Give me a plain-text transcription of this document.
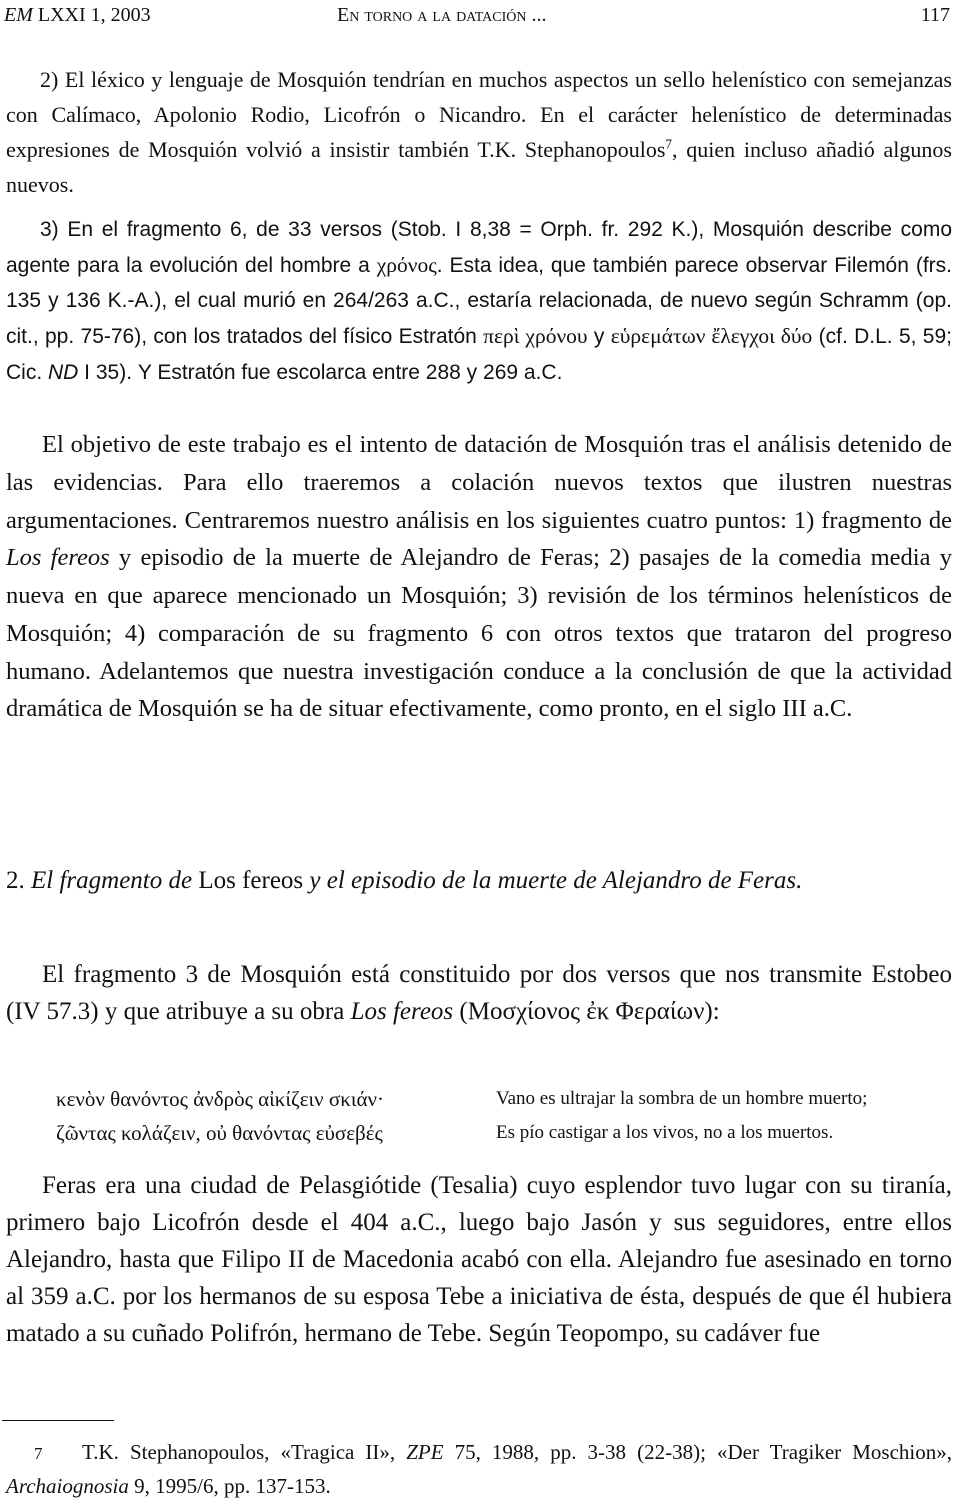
EM LXXI 1, 2003	En torno a la datación ...	117
2) El léxico y lenguaje de Mosquión tendrían en muchos aspectos un sello helenístico con semejanzas con Calímaco, Apolonio Rodio, Licofrón o Nicandro. En el carácter helenístico de determinadas expresiones de Mosquión volvió a insistir también T.K. Stephanopoulos$^7$, quien incluso añadió algunos nuevos.
3) En el fragmento 6, de 33 versos (Stob. I 8,38 = Orph. fr. 292 K.), Mosquión describe como agente para la evolución del hombre a χρόνος. Esta idea, que también parece observar Filemón (frs. 135 y 136 K.-A.), el cual murió en 264/263 a.C., estaría relacionada, de nuevo según Schramm (op. cit., pp. 75-76), con los tratados del físico Estratón περὶ χρόνου y εὑρεμάτων ἔλεγχοι δύο (cf. D.L. 5, 59; Cic. ND I 35). Y Estratón fue escolarca entre 288 y 269 a.C.
El objetivo de este trabajo es el intento de datación de Mosquión tras el análisis detenido de las evidencias. Para ello traeremos a colación nuevos textos que ilustren nuestras argumentaciones. Centraremos nuestro análisis en los siguientes cuatro puntos: 1) fragmento de Los fereos y episodio de la muerte de Alejandro de Feras; 2) pasajes de la comedia media y nueva en que aparece mencionado un Mosquión; 3) revisión de los términos helenísticos de Mosquión; 4) comparación de su fragmento 6 con otros textos que trataron del progreso humano. Adelantemos que nuestra investigación conduce a la conclusión de que la actividad dramática de Mosquión se ha de situar efectivamente, como pronto, en el siglo III a.C.
2. El fragmento de Los fereos y el episodio de la muerte de Alejandro de Feras.
El fragmento 3 de Mosquión está constituido por dos versos que nos transmite Estobeo (IV 57.3) y que atribuye a su obra Los fereos (Μοσχίονος ἐκ Φεραίων):
κενὸν θανόντος ἀνδρὸς αἰκίζειν σκιάν·	Vano es ultrajar la sombra de un hombre muerto;
ζῶντας κολάζειν, οὐ θανόντας εὐσεβές	Es pío castigar a los vivos, no a los muertos.
Feras era una ciudad de Pelasgiótide (Tesalia) cuyo esplendor tuvo lugar con su tiranía, primero bajo Licofrón desde el 404 a.C., luego bajo Jasón y sus seguidores, entre ellos Alejandro, hasta que Filipo II de Macedonia acabó con ella. Alejandro fue asesinado en torno al 359 a.C. por los hermanos de su esposa Tebe a iniciativa de ésta, después de que él hubiera matado a su cuñado Polifrón, hermano de Tebe. Según Teopompo, su cadáver fue
7 T.K. Stephanopoulos, «Tragica II», ZPE 75, 1988, pp. 3-38 (22-38); «Der Tragiker Moschion», Archaiognosia 9, 1995/6, pp. 137-153.
